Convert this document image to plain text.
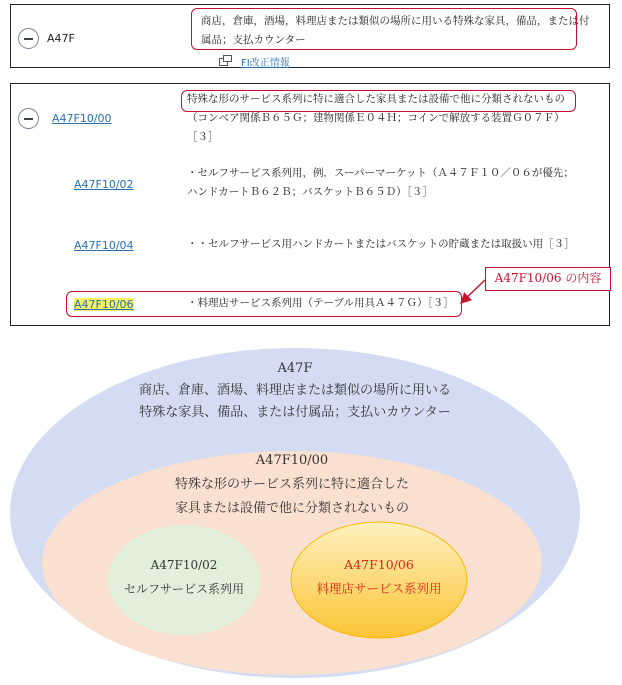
A47F
商店，倉庫，酒場，料理店または類似の場所に用いる特殊な家具，備品，または付
属品；支払カウンター
FI改正情報
A47F10/00
特殊な形のサービス系列に特に適合した家具または設備で他に分類されないもの
（コンベア関係Ｂ６５Ｇ；建物関係Ｅ０４Ｈ；コインで解放する装置Ｇ０７Ｆ）
［３］
A47F10/02
・セルフサービス系列用，例．スーパーマーケット（Ａ４７Ｆ１０／０６が優先；
ハンドカートＢ６２Ｂ；バスケットＢ６５Ｄ）［３］
A47F10/04	・・セルフサービス用ハンドカートまたはバスケットの貯蔵または取扱い用［３］
A47F10/06	・料理店サービス系列用（テーブル用具Ａ４７Ｇ）［３］
A47F10/06 の内容
A47F
商店、倉庫、酒場、料理店または類似の場所に用いる
特殊な家具、備品、または付属品；支払いカウンター
A47F10/00
特殊な形のサービス系列に特に適合した
家具または設備で他に分類されないもの
A47F10/02
セルフサービス系列用
A47F10/06
料理店サービス系列用
